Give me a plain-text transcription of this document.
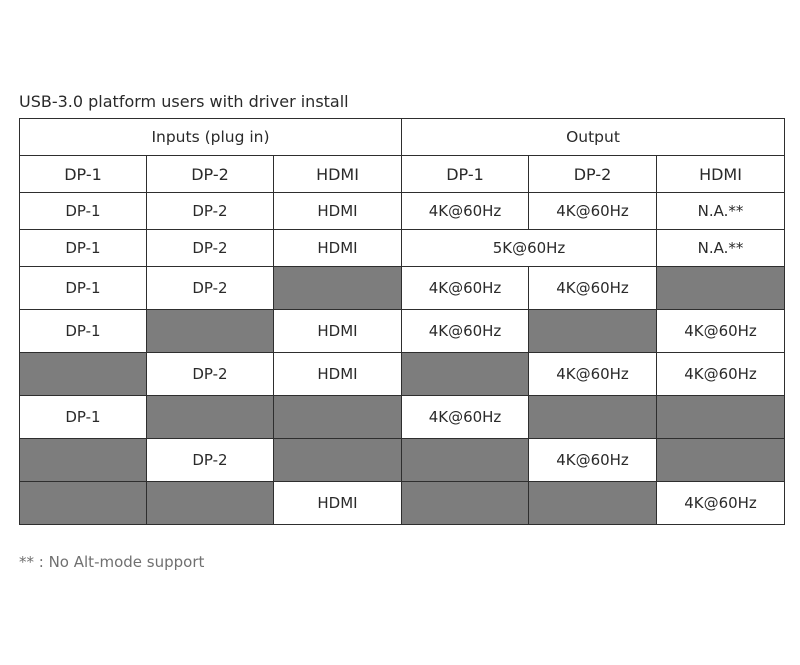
USB-3.0 platform users with driver install
Inputs (plug in)			Output		
DP-1	DP-2	HDMI	DP-1	DP-2	HDMI
DP-1	DP-2	HDMI	4K@60Hz	4K@60Hz	N.A.**
DP-1	DP-2	HDMI	5K@60Hz		N.A.**
DP-1	DP-2		4K@60Hz	4K@60Hz	
DP-1		HDMI	4K@60Hz		4K@60Hz
	DP-2	HDMI		4K@60Hz	4K@60Hz
DP-1			4K@60Hz		
	DP-2			4K@60Hz	
		HDMI			4K@60Hz
** : No Alt-mode support
